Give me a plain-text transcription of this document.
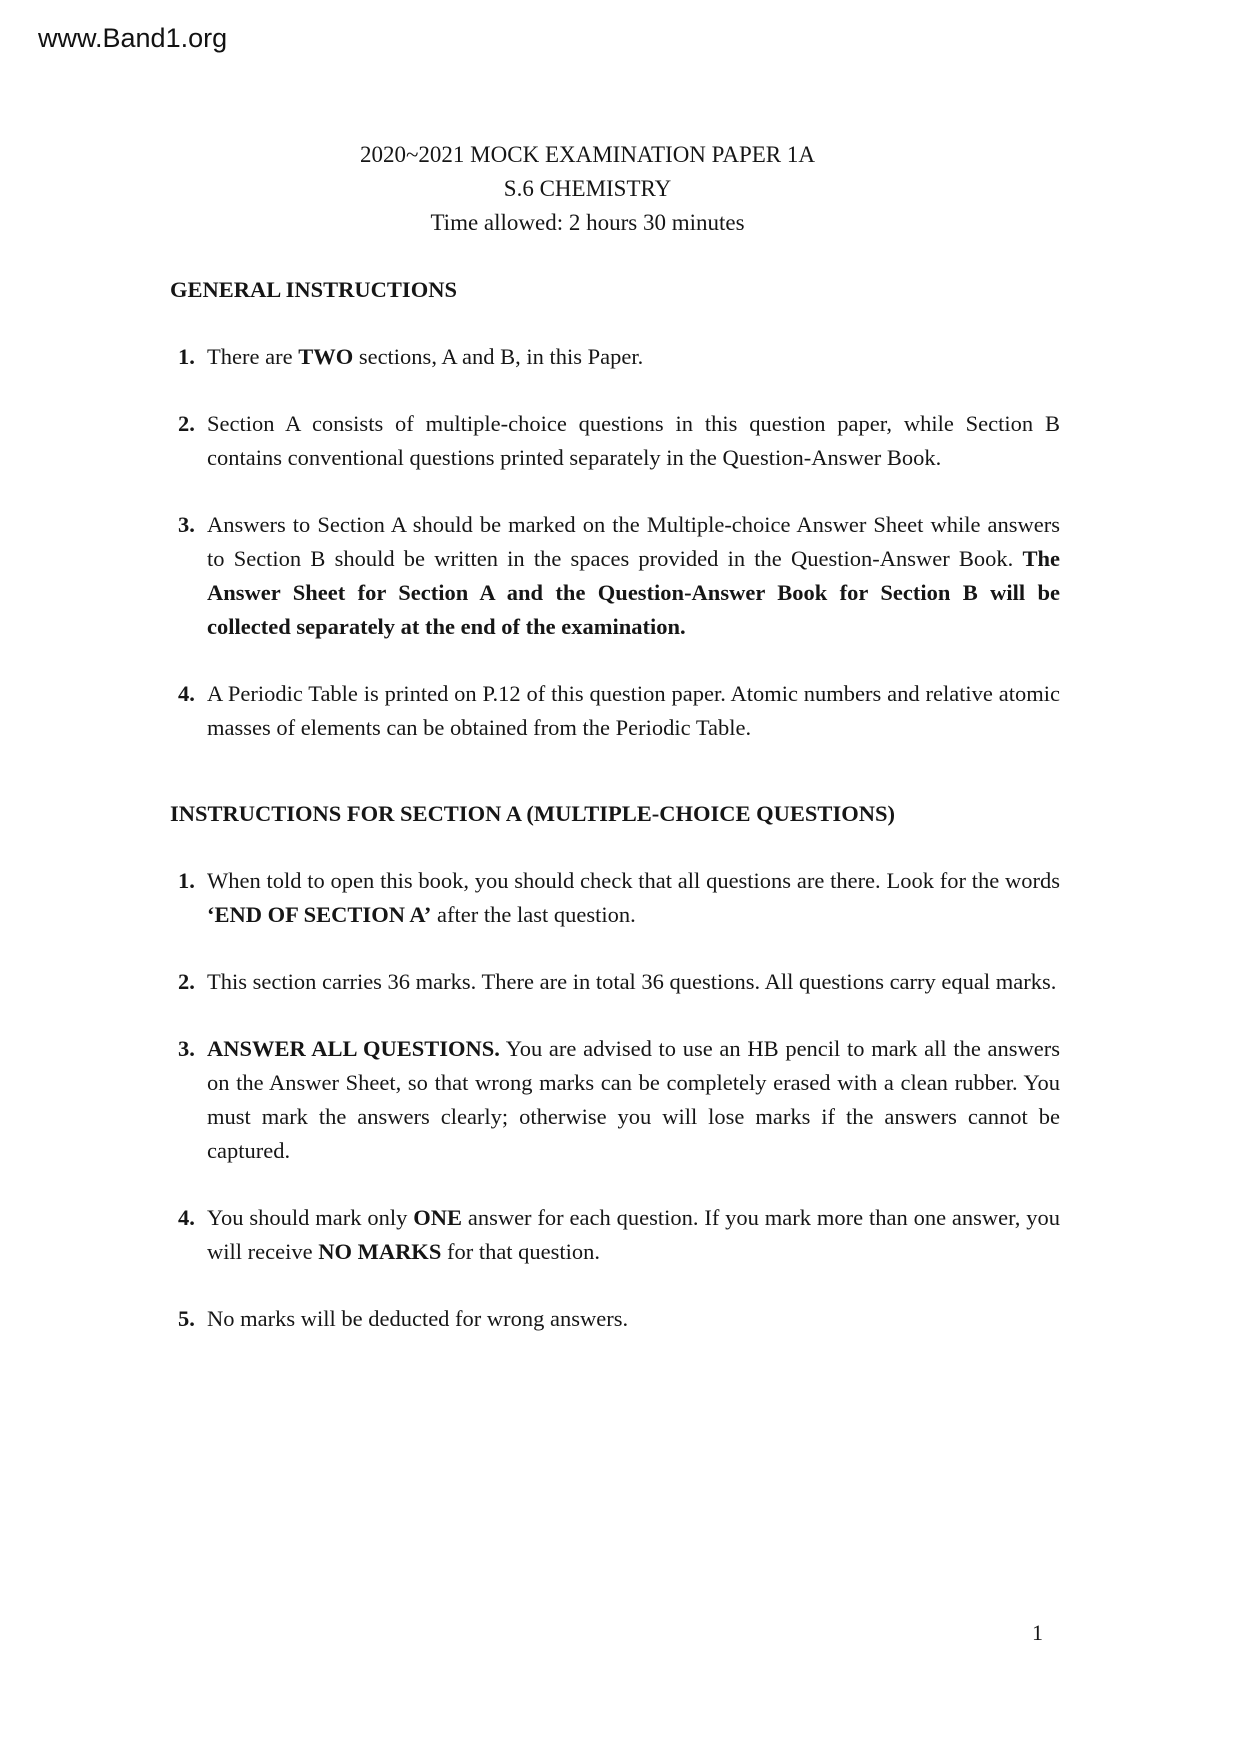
www.Band1.org
2020~2021 MOCK EXAMINATION PAPER 1A
S.6 CHEMISTRY
Time allowed: 2 hours 30 minutes
GENERAL INSTRUCTIONS
1. There are TWO sections, A and B, in this Paper.

2. Section A consists of multiple-choice questions in this question paper, while Section B contains conventional questions printed separately in the Question-Answer Book.

3. Answers to Section A should be marked on the Multiple-choice Answer Sheet while answers to Section B should be written in the spaces provided in the Question-Answer Book. The Answer Sheet for Section A and the Question-Answer Book for Section B will be collected separately at the end of the examination.

4. A Periodic Table is printed on P.12 of this question paper. Atomic numbers and relative atomic masses of elements can be obtained from the Periodic Table.

INSTRUCTIONS FOR SECTION A (MULTIPLE-CHOICE QUESTIONS)
1. When told to open this book, you should check that all questions are there. Look for the words ‘END OF SECTION A’ after the last question.

2. This section carries 36 marks. There are in total 36 questions. All questions carry equal marks.

3. ANSWER ALL QUESTIONS. You are advised to use an HB pencil to mark all the answers on the Answer Sheet, so that wrong marks can be completely erased with a clean rubber. You must mark the answers clearly; otherwise you will lose marks if the answers cannot be captured.

4. You should mark only ONE answer for each question. If you mark more than one answer, you will receive NO MARKS for that question.

5. No marks will be deducted for wrong answers.

1
